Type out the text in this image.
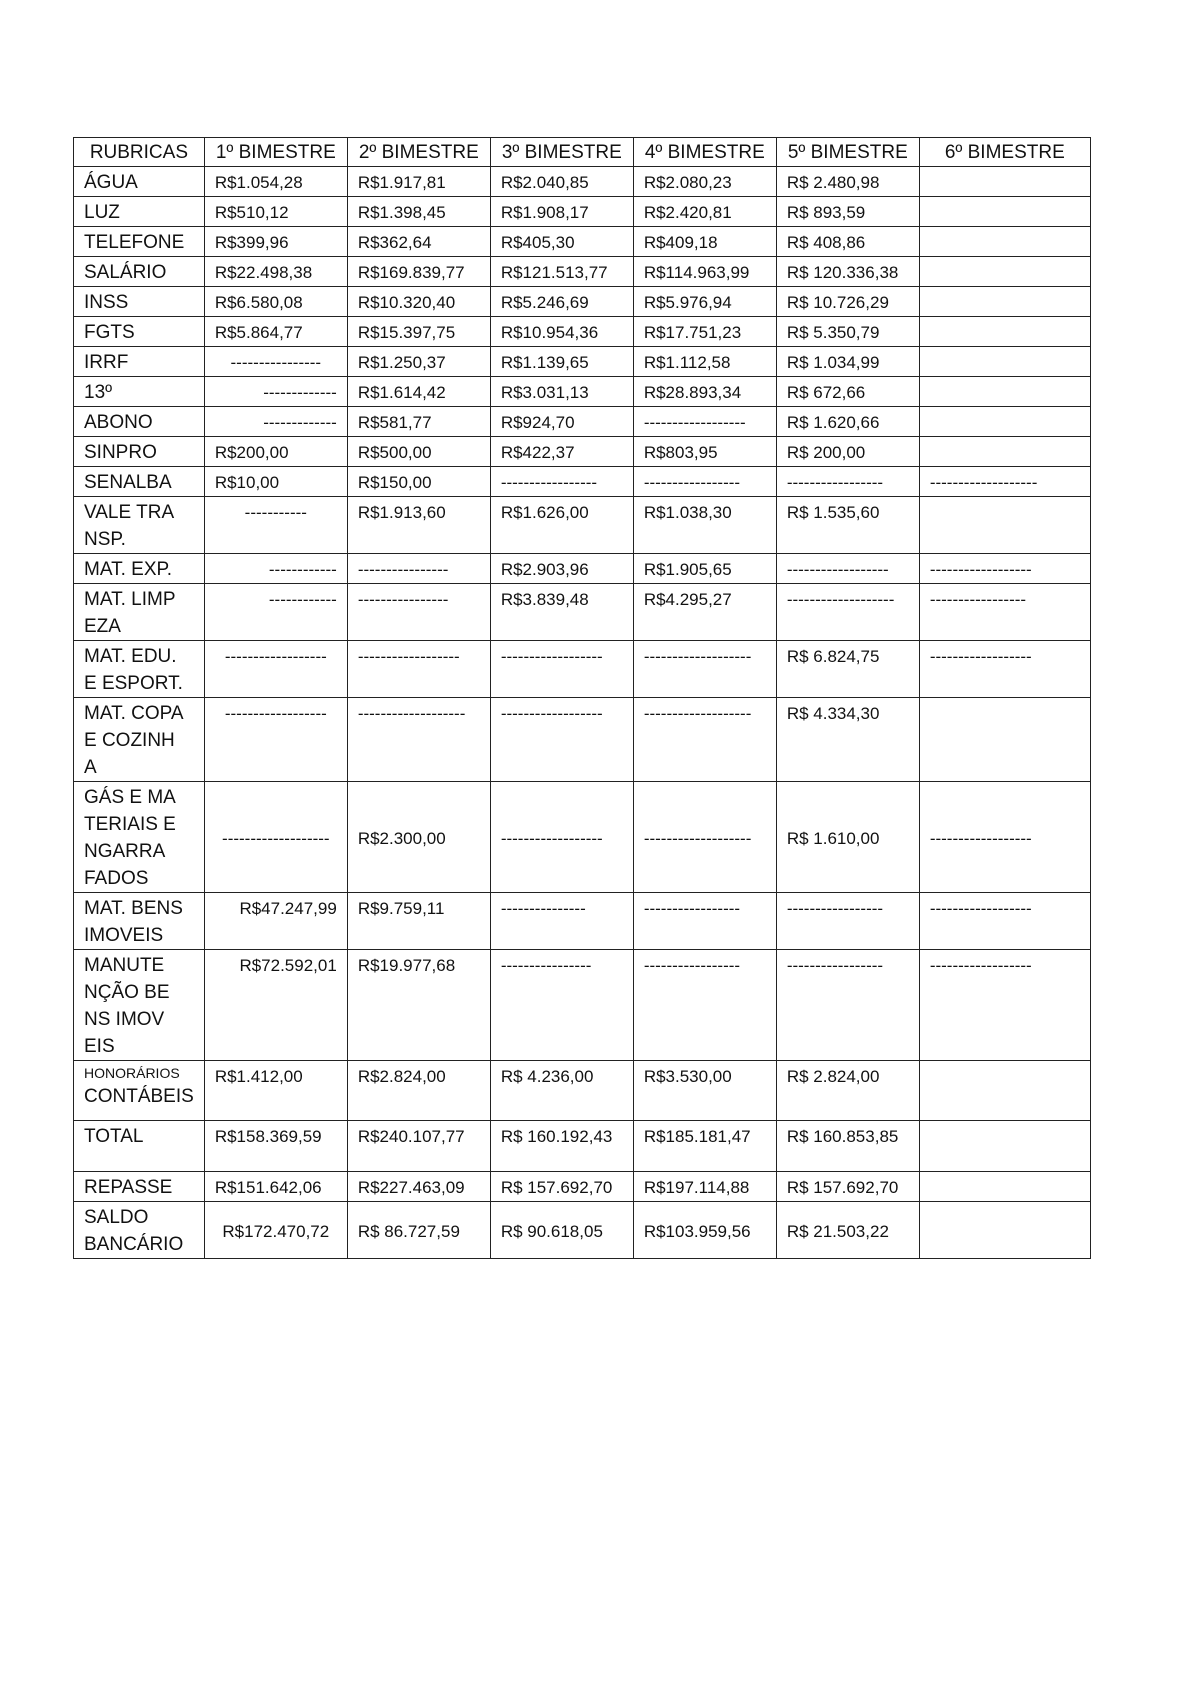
RUBRICAS	1º BIMESTRE	2º BIMESTRE	3º BIMESTRE	4º BIMESTRE	5º BIMESTRE	6º BIMESTRE

ÁGUA	R$1.054,28	R$1.917,81	R$2.040,85	R$2.080,23	R$ 2.480,98	

LUZ	R$510,12	R$1.398,45	R$1.908,17	R$2.420,81	R$ 893,59	

TELEFONE	R$399,96	R$362,64	R$405,30	R$409,18	R$ 408,86	

SALÁRIO	R$22.498,38	R$169.839,77	R$121.513,77	R$114.963,99	R$ 120.336,38	

INSS	R$6.580,08	R$10.320,40	R$5.246,69	R$5.976,94	R$ 10.726,29	

FGTS	R$5.864,77	R$15.397,75	R$10.954,36	R$17.751,23	R$ 5.350,79	

IRRF	----------------	R$1.250,37	R$1.139,65	R$1.112,58	R$ 1.034,99	

13º	-------------	R$1.614,42	R$3.031,13	R$28.893,34	R$ 672,66	

ABONO	-------------	R$581,77	R$924,70	------------------	R$ 1.620,66	

SINPRO	R$200,00	R$500,00	R$422,37	R$803,95	R$ 200,00	

SENALBA	R$10,00	R$150,00	-----------------	-----------------	-----------------	-------------------

VALE TRANSP.	-----------	R$1.913,60	R$1.626,00	R$1.038,30	R$ 1.535,60	

MAT. EXP.	------------	----------------	R$2.903,96	R$1.905,65	------------------	------------------

MAT. LIMPEZA	------------	----------------	R$3.839,48	R$4.295,27	-------------------	-----------------

MAT. EDU. E ESPORT.	------------------	------------------	------------------	-------------------	R$ 6.824,75	------------------

MAT. COPA E COZINHA	------------------	-------------------	------------------	-------------------	R$ 4.334,30	

GÁS E MATERIAIS ENGARRAFADOS	-------------------	R$2.300,00	------------------	-------------------	R$ 1.610,00	------------------

MAT. BENS IMOVEIS	R$47.247,99	R$9.759,11	---------------	-----------------	-----------------	------------------

MANUTENÇÃO BENS IMOVEIS	R$72.592,01	R$19.977,68	----------------	-----------------	-----------------	------------------

HONORÁRIOS
CONTÁBEIS	R$1.412,00	R$2.824,00	R$ 4.236,00	R$3.530,00	R$ 2.824,00	

TOTAL	R$158.369,59	R$240.107,77	R$ 160.192,43	R$185.181,47	R$ 160.853,85	

REPASSE	R$151.642,06	R$227.463,09	R$ 157.692,70	R$197.114,88	R$ 157.692,70	

SALDO BANCÁRIO	R$172.470,72	R$ 86.727,59	R$ 90.618,05	R$103.959,56	R$ 21.503,22	
